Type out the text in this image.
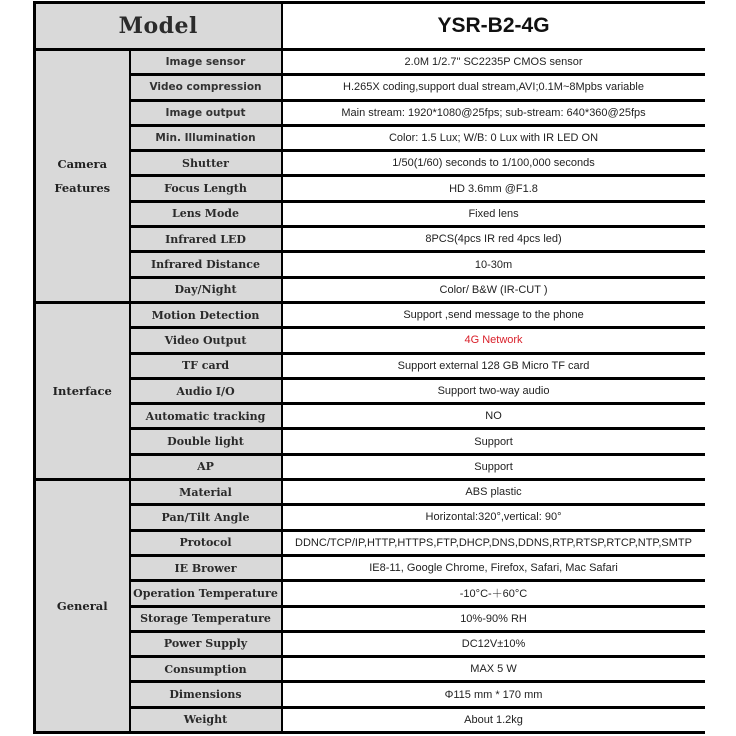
Model		YSR-B2-4G

Camera
Features	Image sensor	2.0M 1/2.7" SC2235P CMOS sensor
	Video compression	H.265X coding,support dual stream,AVI;0.1M~8Mpbs variable
	Image output	Main stream: 1920*1080@25fps; sub-stream: 640*360@25fps
	Min. Illumination	Color: 1.5 Lux; W/B: 0 Lux with IR LED ON
	Shutter	1/50(1/60) seconds to 1/100,000 seconds
	Focus Length	HD 3.6mm @F1.8
	Lens Mode	Fixed lens
	Infrared LED	8PCS(4pcs IR red 4pcs led)
	Infrared Distance	10-30m
	Day/Night	Color/ B&W (IR-CUT )

Interface	Motion Detection	Support ,send message to the phone
	Video Output	4G Network
	TF card	Support external 128 GB Micro TF card
	Audio I/O	Support two-way audio
	Automatic tracking	NO
	Double light	Support
	AP	Support

General	Material	ABS plastic
	Pan/Tilt Angle	Horizontal:320°,vertical: 90°
	Protocol	DDNC/TCP/IP,HTTP,HTTPS,FTP,DHCP,DNS,DDNS,RTP,RTSP,RTCP,NTP,SMTP
	IE Brower	IE8-11, Google Chrome, Firefox, Safari, Mac Safari
	Operation Temperature	-10°C-＋60°C
	Storage Temperature	10%-90% RH
	Power Supply	DC12V±10%
	Consumption	MAX 5 W
	Dimensions	Φ115 mm * 170 mm
	Weight	About 1.2kg
